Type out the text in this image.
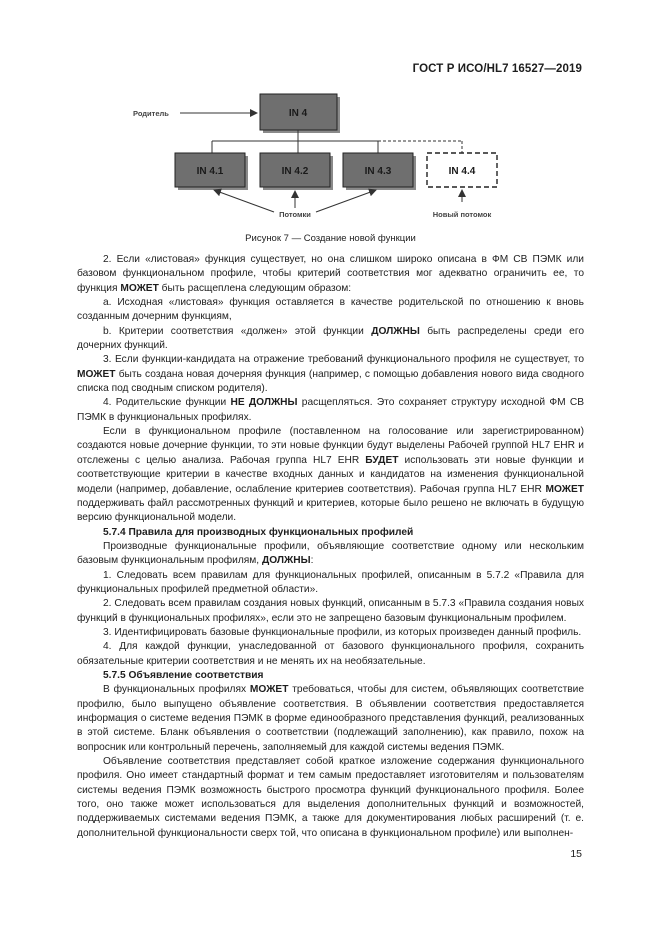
ГОСТ Р ИСО/HL7 16527—2019
Родитель	IN 4
IN 4.1	IN 4.2	IN 4.3	IN 4.4
Потомки	Новый потомок
Рисунок 7 — Создание новой функции

2. Если «листовая» функция существует, но она слишком широко описана в ФМ СВ ПЭМК или базовом функциональном профиле, чтобы критерий соответствия мог адекватно ограничить ее, то функция МОЖЕТ быть расщеплена следующим образом:

a. Исходная «листовая» функция оставляется в качестве родительской по отношению к вновь созданным дочерним функциям,

b. Критерии соответствия «должен» этой функции ДОЛЖНЫ быть распределены среди его дочерних функций.

3. Если функции-кандидата на отражение требований функционального профиля не существует, то МОЖЕТ быть создана новая дочерняя функция (например, с помощью добавления нового вида сводного списка под сводным списком родителя).

4. Родительские функции НЕ ДОЛЖНЫ расщепляться. Это сохраняет структуру исходной ФМ СВ ПЭМК в функциональных профилях.

Если в функциональном профиле (поставленном на голосование или зарегистрированном) создаются новые дочерние функции, то эти новые функции будут выделены Рабочей группой HL7 EHR и отслежены с целью анализа. Рабочая группа HL7 EHR БУДЕТ использовать эти новые функции и соответствующие критерии в качестве входных данных и кандидатов на изменения функциональной модели (например, добавление, ослабление критериев соответствия). Рабочая группа HL7 EHR МОЖЕТ поддерживать файл рассмотренных функций и критериев, которые было решено не включать в будущую версию функциональной модели.

5.7.4 Правила для производных функциональных профилей

Производные функциональные профили, объявляющие соответствие одному или нескольким базовым функциональным профилям, ДОЛЖНЫ:

1. Следовать всем правилам для функциональных профилей, описанным в 5.7.2 «Правила для функциональных профилей предметной области».

2. Следовать всем правилам создания новых функций, описанным в 5.7.3 «Правила создания новых функций в функциональных профилях», если это не запрещено базовым функциональным профилем.

3. Идентифицировать базовые функциональные профили, из которых произведен данный профиль.

4. Для каждой функции, унаследованной от базового функционального профиля, сохранить обязательные критерии соответствия и не менять их на необязательные.

5.7.5 Объявление соответствия

В функциональных профилях МОЖЕТ требоваться, чтобы для систем, объявляющих соответствие профилю, было выпущено объявление соответствия. В объявлении соответствия предоставляется информация о системе ведения ПЭМК в форме единообразного представления функций, реализованных в этой системе. Бланк объявления о соответствии (подлежащий заполнению), как правило, похож на вопросник или контрольный перечень, заполняемый для каждой системы ведения ПЭМК.

Объявление соответствия представляет собой краткое изложение содержания функционального профиля. Оно имеет стандартный формат и тем самым предоставляет изготовителям и пользователям системы ведения ПЭМК возможность быстрого просмотра функций функционального профиля. Более того, оно также может использоваться для выделения дополнительных функций и возможностей, поддерживаемых системами ведения ПЭМК, а также для документирования любых расширений (т. е. дополнительной функциональности сверх той, что описана в функциональном профиле) или выполнен-

15
